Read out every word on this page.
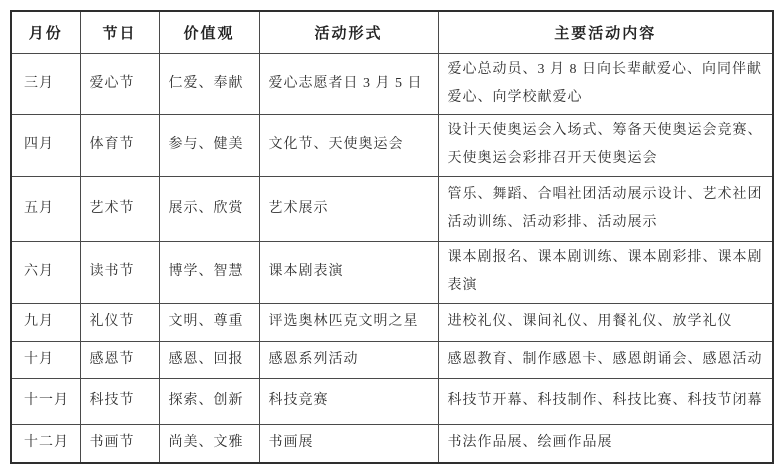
月份	节日	价值观	活动形式	主要活动内容
三月	爱心节	仁爱、奉献	爱心志愿者日 3 月 5 日	爱心总动员、3 月 8 日向长辈献爱心、向同伴献爱心、向学校献爱心
四月	体育节	参与、健美	文化节、天使奥运会	设计天使奥运会入场式、筹备天使奥运会竞赛、天使奥运会彩排召开天使奥运会
五月	艺术节	展示、欣赏	艺术展示	管乐、舞蹈、合唱社团活动展示设计、艺术社团活动训练、活动彩排、活动展示
六月	读书节	博学、智慧	课本剧表演	课本剧报名、课本剧训练、课本剧彩排、课本剧表演
九月	礼仪节	文明、尊重	评选奥林匹克文明之星	进校礼仪、课间礼仪、用餐礼仪、放学礼仪
十月	感恩节	感恩、回报	感恩系列活动	感恩教育、制作感恩卡、感恩朗诵会、感恩活动
十一月	科技节	探索、创新	科技竞赛	科技节开幕、科技制作、科技比赛、科技节闭幕
十二月	书画节	尚美、文雅	书画展	书法作品展、绘画作品展
